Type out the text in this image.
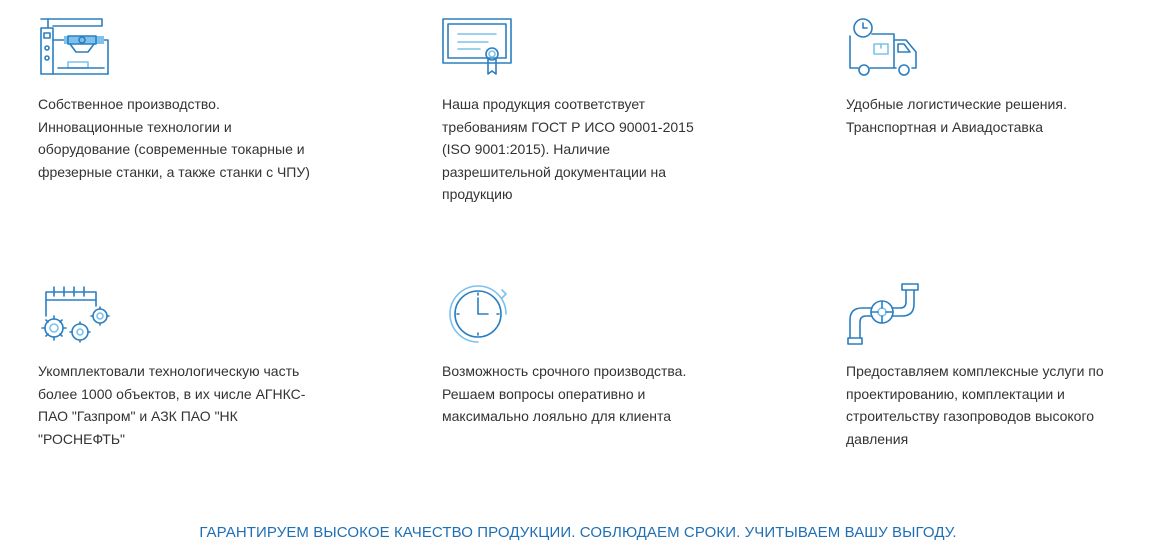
Собственное производство. Инновационные технологии и оборудование (современные токарные и фрезерные станки, а также станки с ЧПУ)
Наша продукция соответствует требованиям ГОСТ Р ИСО 90001-2015 (ISO 9001:2015). Наличие разрешительной документации на продукцию
Удобные логистические решения. Транспортная и Авиадоставка
Укомплектовали технологическую часть более 1000 объектов, в их числе АГНКС-ПАО "Газпром" и АЗК ПАО "НК "РОСНЕФТЬ"
Возможность срочного производства. Решаем вопросы оперативно и максимально лояльно для клиента
Предоставляем комплексные услуги по проектированию, комплектации и строительству газопроводов высокого давления
ГАРАНТИРУЕМ ВЫСОКОЕ КАЧЕСТВО ПРОДУКЦИИ. СОБЛЮДАЕМ СРОКИ. УЧИТЫВАЕМ ВАШУ ВЫГОДУ.
